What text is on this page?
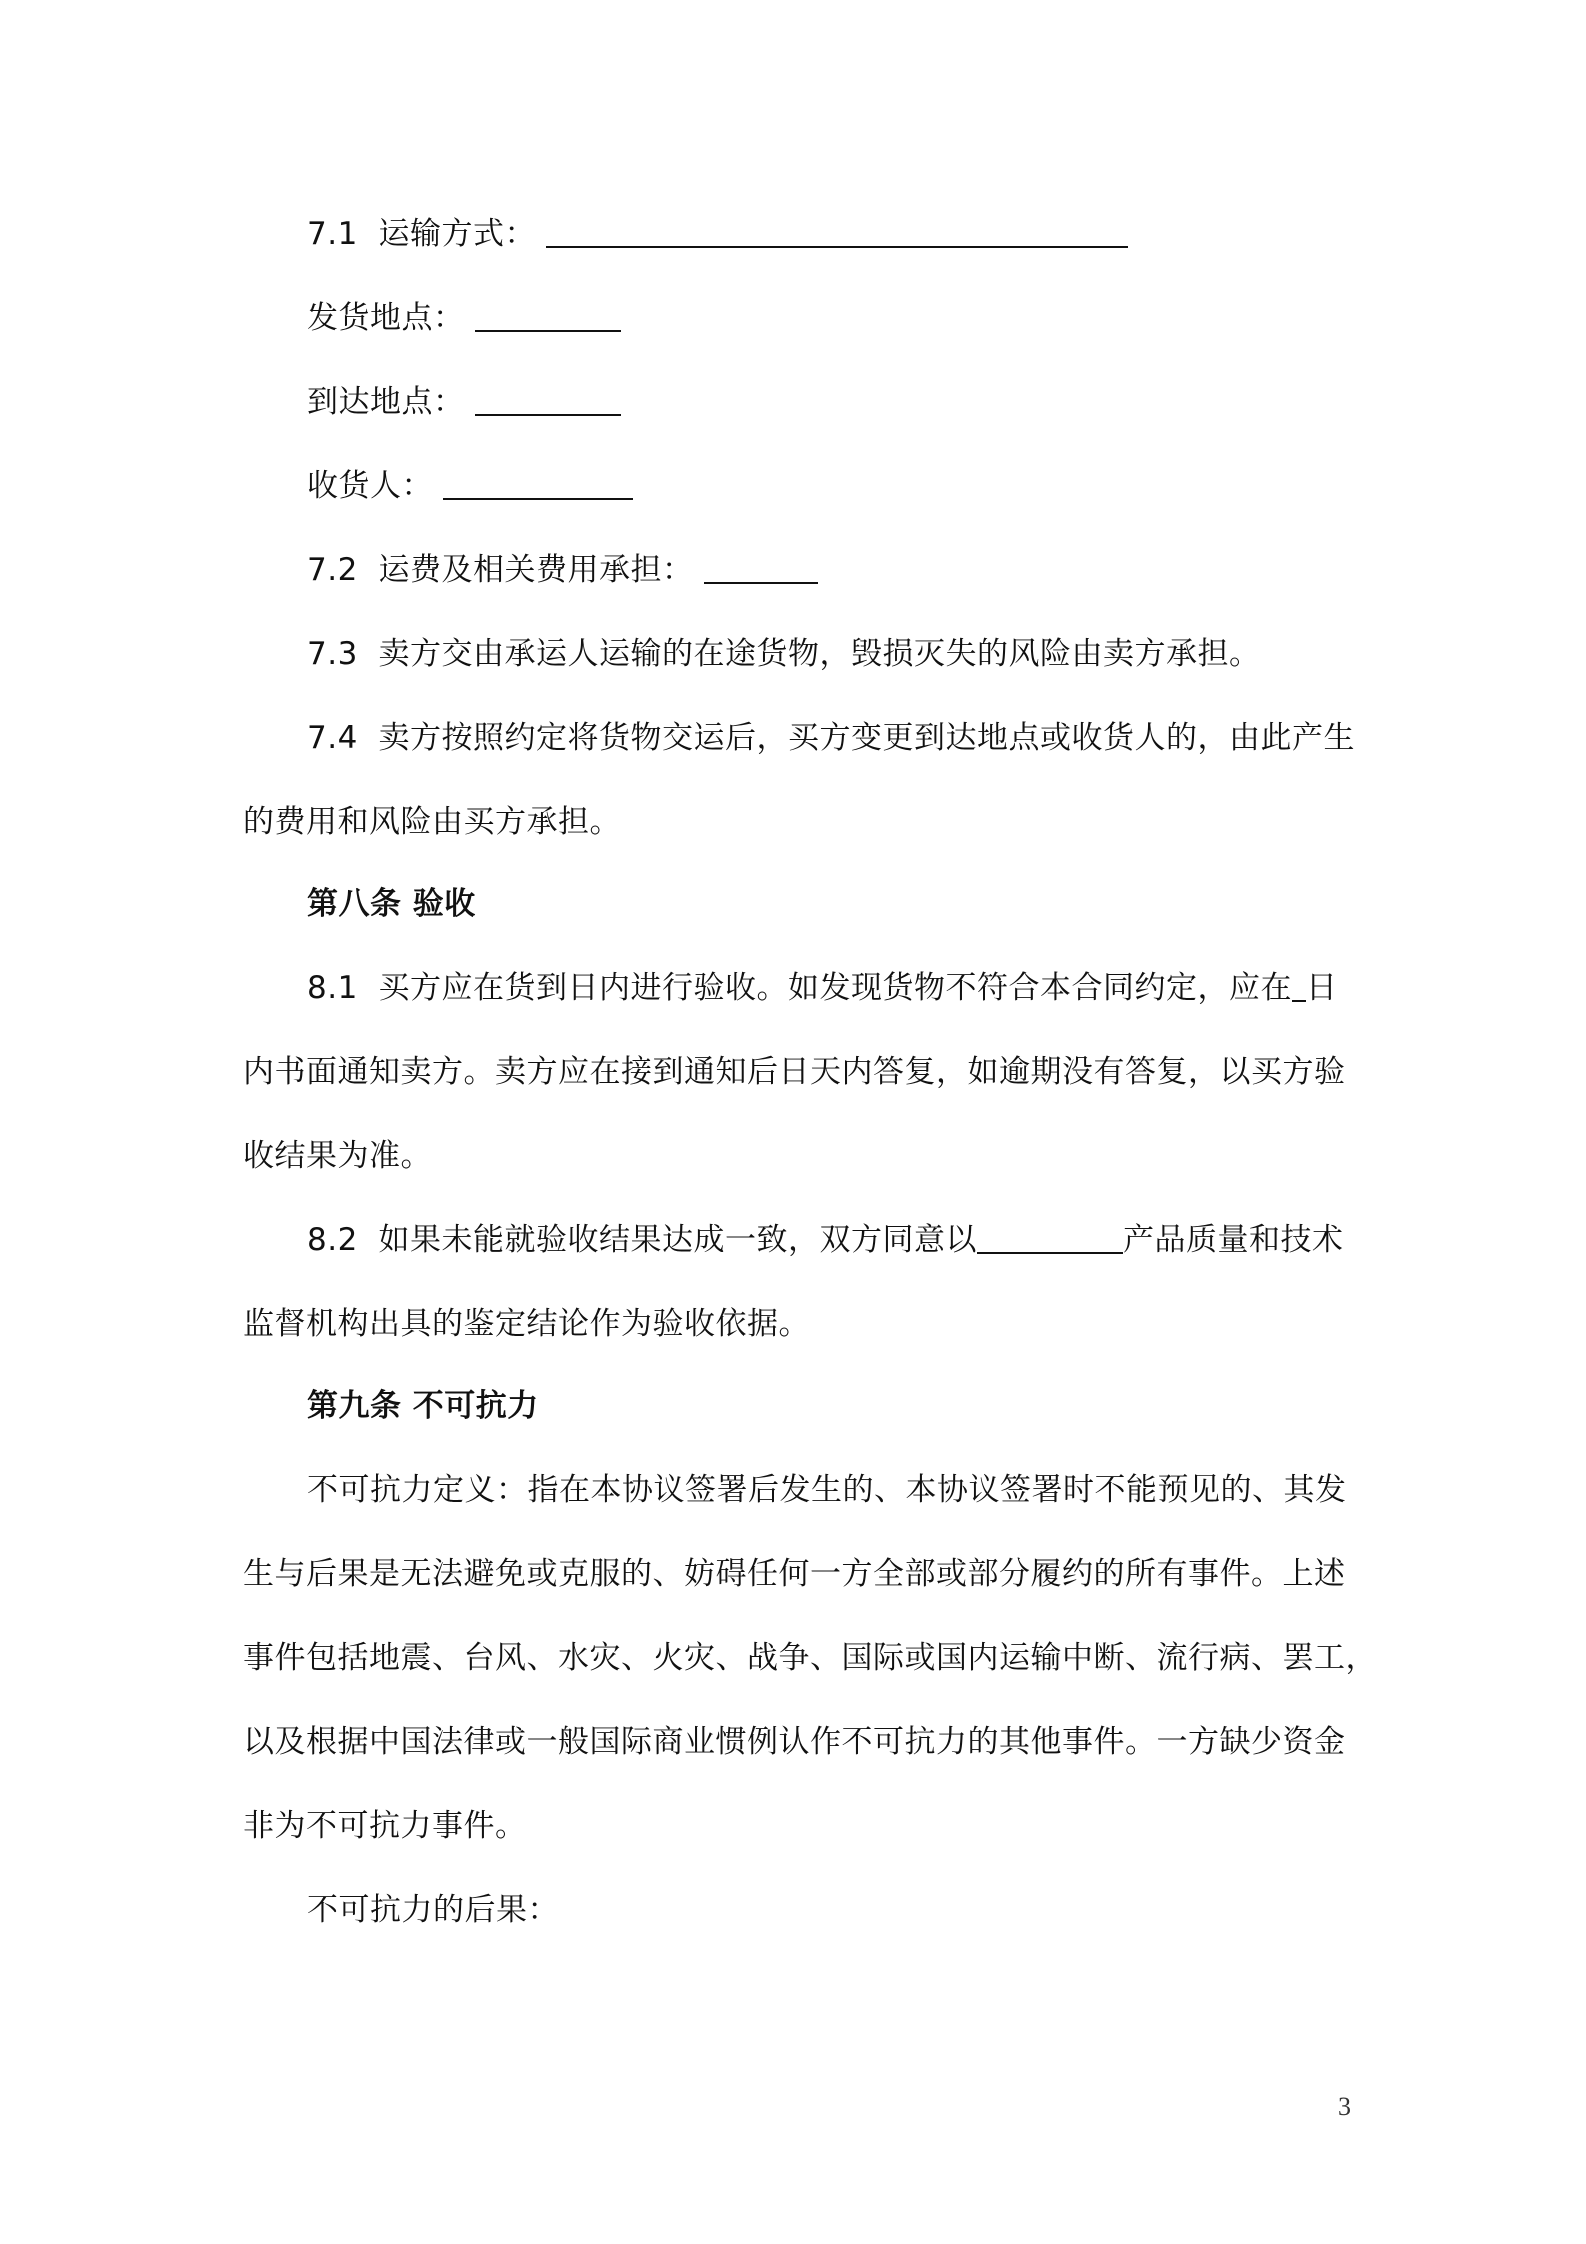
7.1 运输方式：
发货地点：
到达地点：
收货人：
7.2 运费及相关费用承担：
7.3 卖方交由承运人运输的在途货物，毁损灭失的风险由卖方承担。
7.4 卖方按照约定将货物交运后，买方变更到达地点或收货人的，由此产生
的费用和风险由买方承担。
第八条 验收
8.1 买方应在货到日内进行验收。如发现货物不符合本合同约定，应在 日
内书面通知卖方。卖方应在接到通知后日天内答复，如逾期没有答复，以买方验
收结果为准。
8.2 如果未能就验收结果达成一致，双方同意以	产品质量和技术
监督机构出具的鉴定结论作为验收依据。
第九条 不可抗力
不可抗力定义：指在本协议签署后发生的、本协议签署时不能预见的、其发
生与后果是无法避免或克服的、妨碍任何一方全部或部分履约的所有事件。上述
事件包括地震、台风、水灾、火灾、战争、国际或国内运输中断、流行病、罢工，
以及根据中国法律或一般国际商业惯例认作不可抗力的其他事件。一方缺少资金
非为不可抗力事件。
不可抗力的后果：
3
